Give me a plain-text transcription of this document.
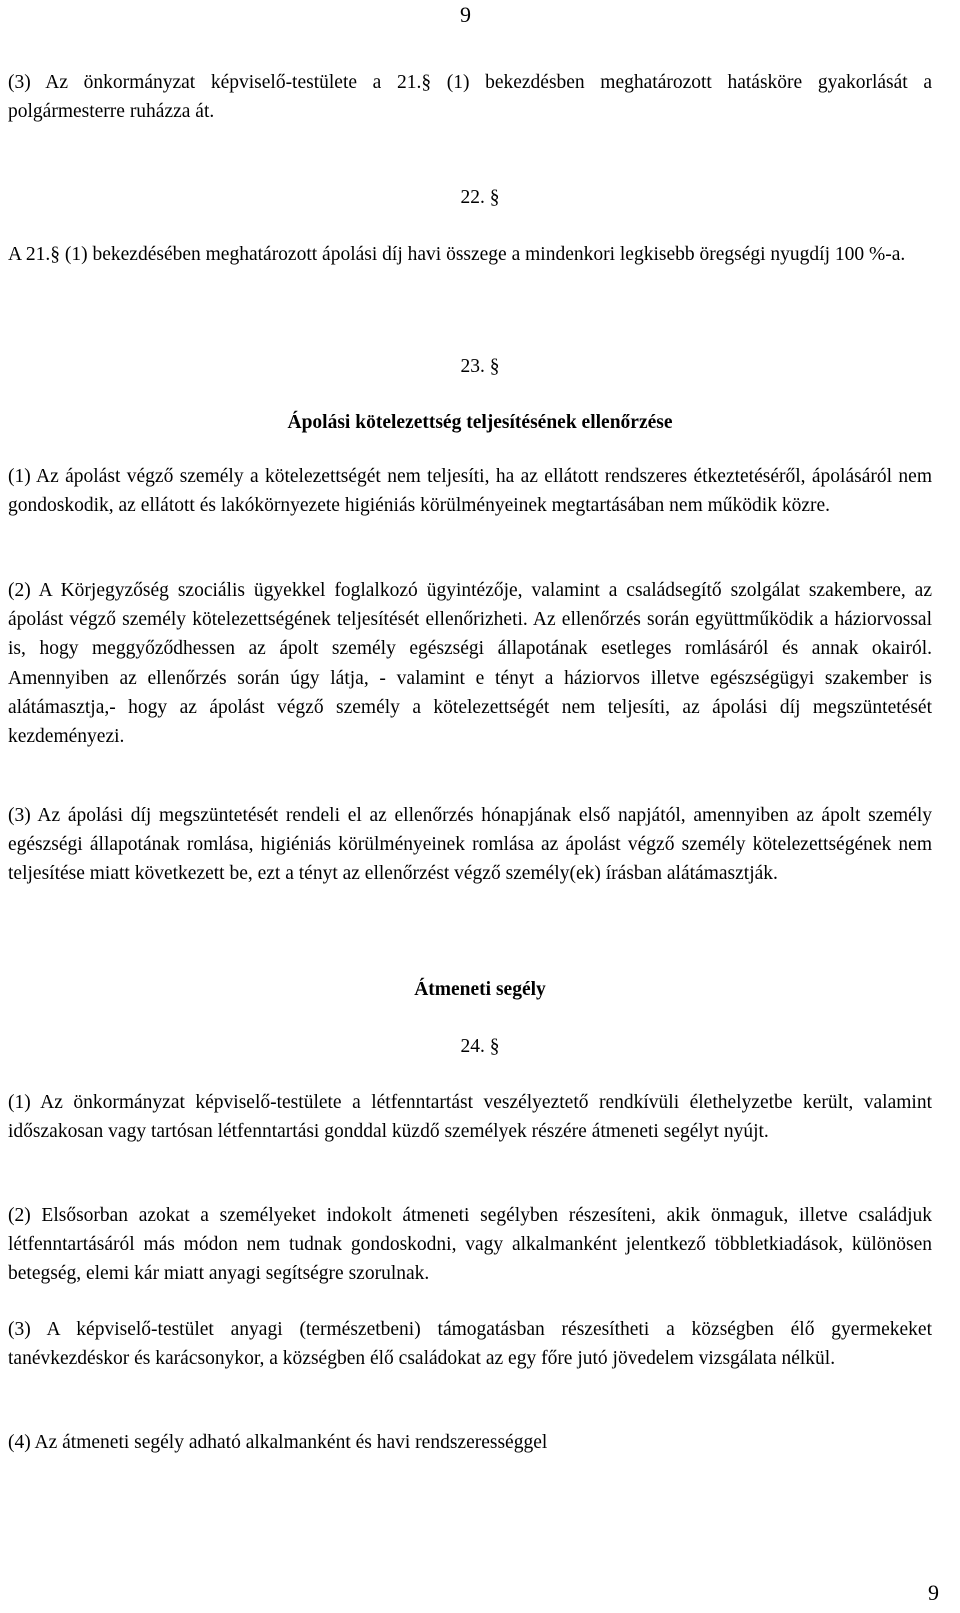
9

(3) Az önkormányzat képviselő-testülete a 21.§ (1) bekezdésben meghatározott hatásköre gyakorlását a polgármesterre ruházza át.

22. §

A 21.§ (1) bekezdésében meghatározott ápolási díj havi összege a mindenkori legkisebb öregségi nyugdíj 100 %-a.

23. §

Ápolási kötelezettség teljesítésének ellenőrzése

(1) Az ápolást végző személy a kötelezettségét nem teljesíti, ha az ellátott rendszeres étkeztetéséről, ápolásáról nem gondoskodik, az ellátott és lakókörnyezete higiéniás körülményeinek megtartásában nem működik közre.

(2) A Körjegyzőség szociális ügyekkel foglalkozó ügyintézője, valamint a családsegítő szolgálat szakembere, az ápolást végző személy kötelezettségének teljesítését ellenőrizheti. Az ellenőrzés során együttműködik a háziorvossal is, hogy meggyőződhessen az ápolt személy egészségi állapotának esetleges romlásáról és annak okairól. Amennyiben az ellenőrzés során úgy látja, - valamint e tényt a háziorvos illetve egészségügyi szakember is alátámasztja,- hogy az ápolást végző személy a kötelezettségét nem teljesíti, az ápolási díj megszüntetését kezdeményezi.

(3) Az ápolási díj megszüntetését rendeli el az ellenőrzés hónapjának első napjától, amennyiben az ápolt személy egészségi állapotának romlása, higiéniás körülményeinek romlása az ápolást végző személy kötelezettségének nem teljesítése miatt következett be, ezt a tényt az ellenőrzést végző személy(ek) írásban alátámasztják.

Átmeneti segély

24. §

(1) Az önkormányzat képviselő-testülete a létfenntartást veszélyeztető rendkívüli élethelyzetbe került, valamint időszakosan vagy tartósan létfenntartási gonddal küzdő személyek részére átmeneti segélyt nyújt.

(2) Elsősorban azokat a személyeket indokolt átmeneti segélyben részesíteni, akik önmaguk, illetve családjuk létfenntartásáról más módon nem tudnak gondoskodni, vagy alkalmanként jelentkező többletkiadások, különösen betegség, elemi kár miatt anyagi segítségre szorulnak.

(3) A képviselő-testület anyagi (természetbeni) támogatásban részesítheti a községben élő gyermekeket tanévkezdéskor és karácsonykor, a községben élő családokat az egy főre jutó jövedelem vizsgálata nélkül.

(4) Az átmeneti segély adható alkalmanként és havi rendszerességgel

9
